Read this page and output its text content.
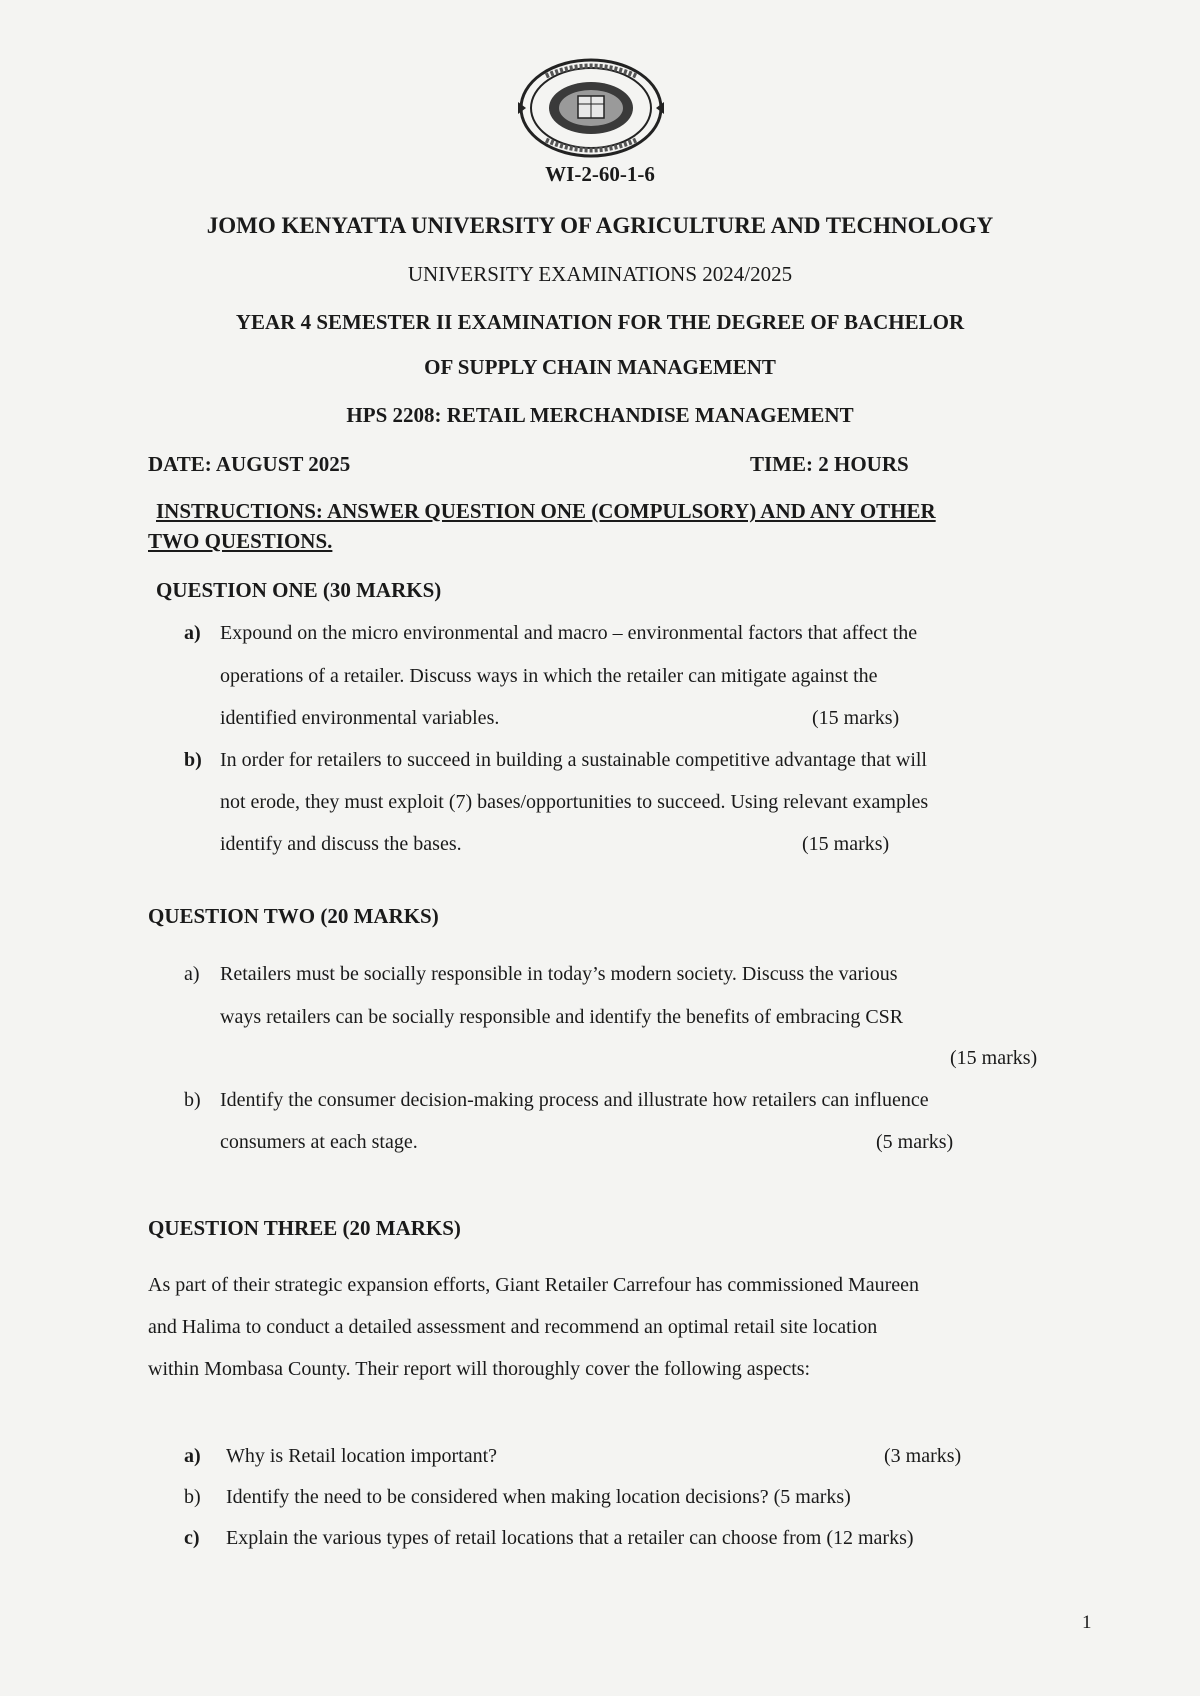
WI-2-60-1-6
JOMO KENYATTA UNIVERSITY OF AGRICULTURE AND TECHNOLOGY
UNIVERSITY EXAMINATIONS 2024/2025
YEAR 4 SEMESTER II EXAMINATION FOR THE DEGREE OF BACHELOR
OF SUPPLY CHAIN MANAGEMENT
HPS 2208: RETAIL MERCHANDISE MANAGEMENT
DATE: AUGUST 2025	TIME: 2 HOURS
INSTRUCTIONS: ANSWER QUESTION ONE (COMPULSORY) AND ANY OTHER
TWO QUESTIONS.
QUESTION ONE (30 MARKS)
a) Expound on the micro environmental and macro – environmental factors that affect the
operations of a retailer. Discuss ways in which the retailer can mitigate against the
identified environmental variables.	(15 marks)
b) In order for retailers to succeed in building a sustainable competitive advantage that will
not erode, they must exploit (7) bases/opportunities to succeed. Using relevant examples
identify and discuss the bases.	(15 marks)
QUESTION TWO (20 MARKS)
a) Retailers must be socially responsible in today’s modern society. Discuss the various
ways retailers can be socially responsible and identify the benefits of embracing CSR
(15 marks)
b) Identify the consumer decision-making process and illustrate how retailers can influence
consumers at each stage.	(5 marks)
QUESTION THREE (20 MARKS)
As part of their strategic expansion efforts, Giant Retailer Carrefour has commissioned Maureen
and Halima to conduct a detailed assessment and recommend an optimal retail site location
within Mombasa County. Their report will thoroughly cover the following aspects:
a) Why is Retail location important?	(3 marks)
b) Identify the need to be considered when making location decisions? (5 marks)
c) Explain the various types of retail locations that a retailer can choose from (12 marks)
1
